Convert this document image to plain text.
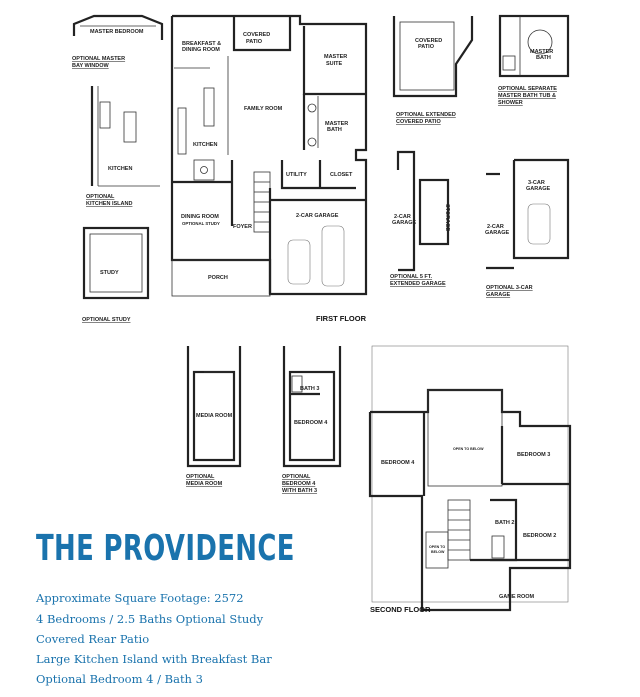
BREAKFAST &
DINING ROOM
COVERED
PATIO
MASTER
SUITE
FAMILY ROOM
KITCHEN
MASTER
BATH
UTILITY	CLOSET
DINING ROOM
OPTIONAL STUDY
FOYER
2-CAR GARAGE
PORCH
FIRST FLOOR
MASTER BEDROOM
OPTIONAL MASTER
BAY WINDOW
KITCHEN
OPTIONAL
KITCHEN ISLAND
STUDY
OPTIONAL STUDY
COVERED
PATIO
OPTIONAL EXTENDED
COVERED PATIO
MASTER
BATH
OPTIONAL SEPARATE
MASTER BATH TUB &
SHOWER
2-CAR
GARAGE	STORAGE
OPTIONAL 5 FT.
EXTENDED GARAGE
3-CAR
GARAGE
2-CAR
GARAGE
OPTIONAL 3-CAR
GARAGE
MEDIA ROOM
OPTIONAL
MEDIA ROOM
BATH 3
BEDROOM 4
OPTIONAL
BEDROOM 4
WITH BATH 3
BEDROOM 4
OPEN TO BELOW
BEDROOM 3
BATH 2
BEDROOM 2
OPEN TO
BELOW
GAME ROOM
SECOND FLOOR
THE PROVIDENCE
Approximate Square Footage: 2572
4 Bedrooms / 2.5 Baths Optional Study
Covered Rear Patio
Large Kitchen Island with Breakfast Bar
Optional Bedroom 4 / Bath 3
